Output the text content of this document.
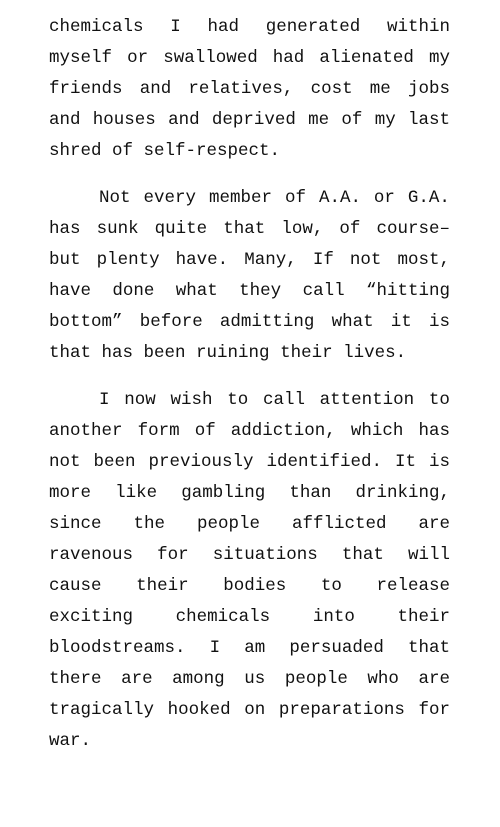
chemicals I had generated within
myself or swallowed had alienated my
friends and relatives, cost me jobs
and houses and deprived me of my last
shred of self-respect.
Not every member of A.A. or G.A.
has sunk quite that low, of course–
but plenty have. Many, If not most,
have done what they call “hitting
bottom” before admitting what it is
that has been ruining their lives.
I now wish to call attention to
another form of addiction, which has
not been previously identified. It is
more like gambling than drinking,
since the people afflicted are
ravenous for situations that will
cause their bodies to release
exciting chemicals into their
bloodstreams. I am persuaded that
there are among us people who are
tragically hooked on preparations for
war.
